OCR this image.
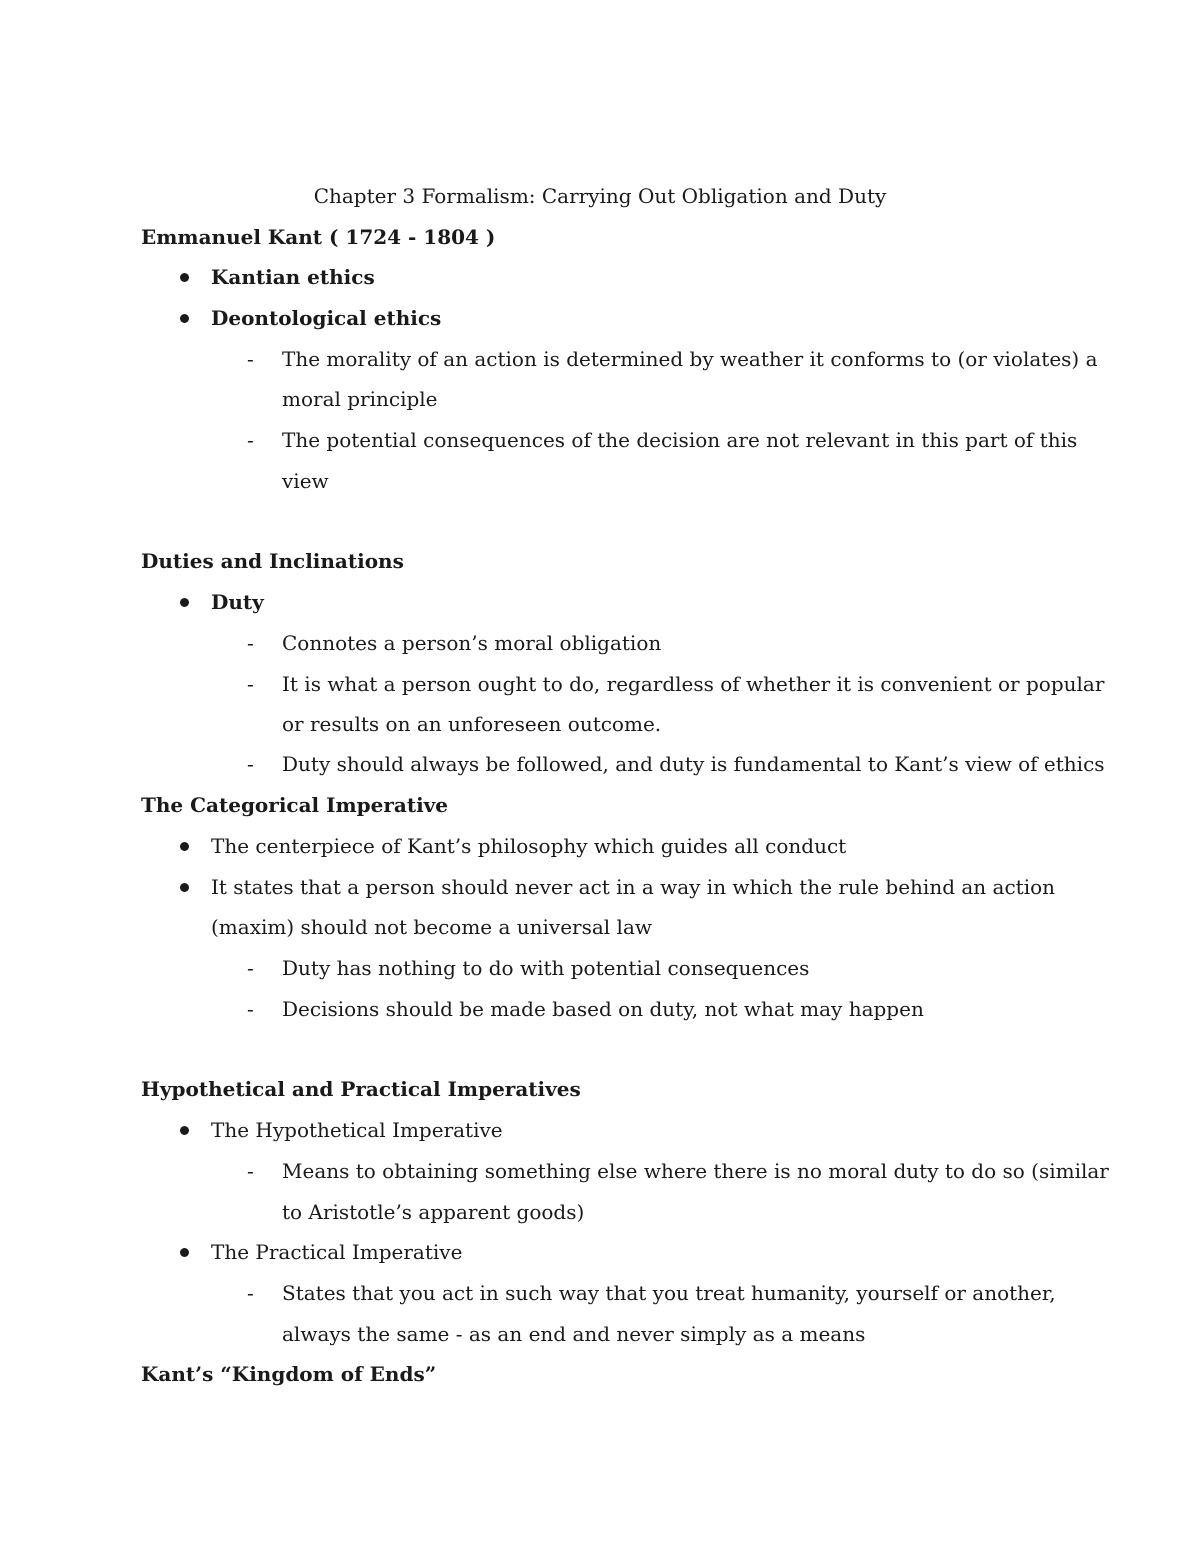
Chapter 3 Formalism: Carrying Out Obligation and Duty
Emmanuel Kant ( 1724 - 1804 )
Kantian ethics
Deontological ethics
- The morality of an action is determined by weather it conforms to (or violates) a
moral principle
- The potential consequences of the decision are not relevant in this part of this
view
Duties and Inclinations
Duty
- Connotes a person’s moral obligation
- It is what a person ought to do, regardless of whether it is convenient or popular
or results on an unforeseen outcome.
- Duty should always be followed, and duty is fundamental to Kant’s view of ethics
The Categorical Imperative
The centerpiece of Kant’s philosophy which guides all conduct
It states that a person should never act in a way in which the rule behind an action
(maxim) should not become a universal law
- Duty has nothing to do with potential consequences
- Decisions should be made based on duty, not what may happen
Hypothetical and Practical Imperatives
The Hypothetical Imperative
- Means to obtaining something else where there is no moral duty to do so (similar
to Aristotle’s apparent goods)
The Practical Imperative
- States that you act in such way that you treat humanity, yourself or another,
always the same - as an end and never simply as a means
Kant’s “Kingdom of Ends”
